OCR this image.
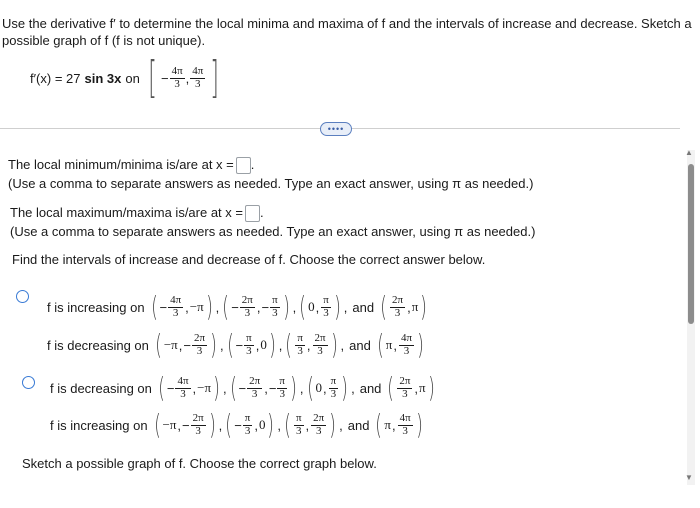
Use the derivative f′ to determine the local minima and maxima of f and the intervals of increase and decrease. Sketch a possible graph of f (f is not unique).
f′(x) = 27 sin 3x on [ − $\frac{4\pi}{3}$ , $\frac{4\pi}{3}$ ]
••••
▲
▼
The local minimum/minima is/are at x = .
(Use a comma to separate answers as needed. Type an exact answer, using π as needed.)
The local maximum/maxima is/are at x = .
(Use a comma to separate answers as needed. Type an exact answer, using π as needed.)
Find the intervals of increase and decrease of f. Choose the correct answer below.
f is increasing on ( − $\frac{4\pi}{3}$ , −π ) , ( − $\frac{2\pi}{3}$ , − $\frac{\pi}{3}$ ) , ( 0 , $\frac{\pi}{3}$ ) , and ( $\frac{2\pi}{3}$ , π )
f is decreasing on ( −π , − $\frac{2\pi}{3}$ ) , ( − $\frac{\pi}{3}$ , 0 ) , ( $\frac{\pi}{3}$ , $\frac{2\pi}{3}$ ) , and ( π , $\frac{4\pi}{3}$ )
f is decreasing on ( − $\frac{4\pi}{3}$ , −π ) , ( − $\frac{2\pi}{3}$ , − $\frac{\pi}{3}$ ) , ( 0 , $\frac{\pi}{3}$ ) , and ( $\frac{2\pi}{3}$ , π )
f is increasing on ( −π , − $\frac{2\pi}{3}$ ) , ( − $\frac{\pi}{3}$ , 0 ) , ( $\frac{\pi}{3}$ , $\frac{2\pi}{3}$ ) , and ( π , $\frac{4\pi}{3}$ )
Sketch a possible graph of f. Choose the correct graph below.
